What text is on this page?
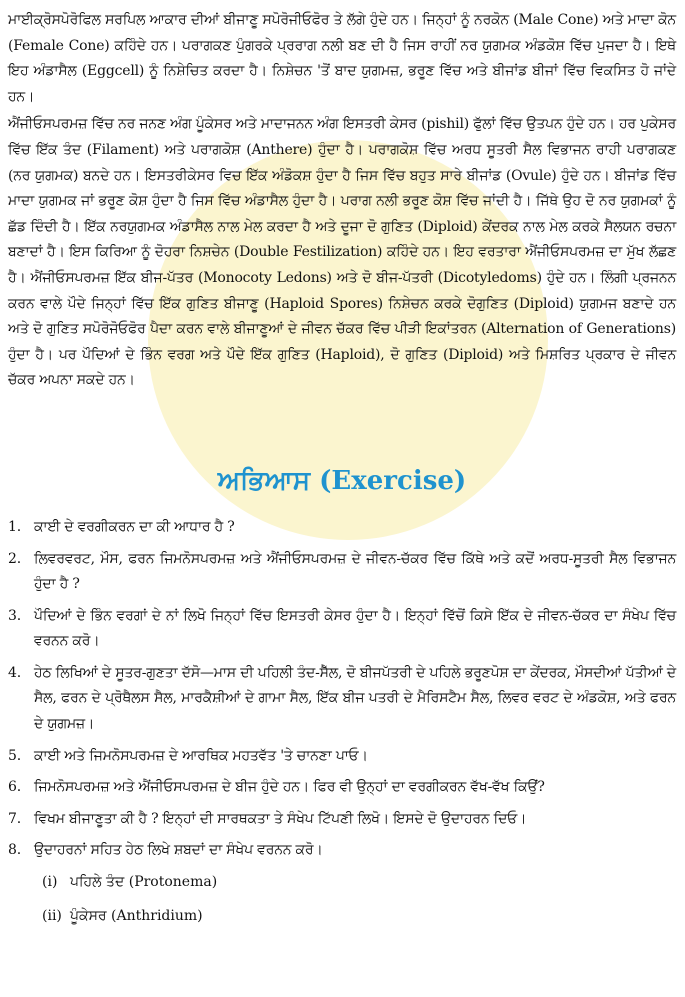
ਮਾਈਕ੍ਰੋਸਪੋਰੋਫਿਲ ਸਰਪਿਲ ਆਕਾਰ ਦੀਆਂ ਬੀਜਾਣੂ ਸਪੋਰੋਜੀਓਫੋਰ ਤੇ ਲੱਗੇ ਹੁੰਦੇ ਹਨ। ਜਿਨ੍ਹਾਂ ਨੂੰ ਨਰਕੋਨ (Male Cone) ਅਤੇ ਮਾਦਾ ਕੋਨ (Female Cone) ਕਹਿੰਦੇ ਹਨ। ਪਰਾਗਕਣ ਪੁੰਗਰਕੇ ਪ੍ਰਰਾਗ ਨਲੀ ਬਣ ਦੀ ਹੈ ਜਿਸ ਰਾਹੀਂ ਨਰ ਯੁਗਮਕ ਅੰਡਕੋਸ਼ ਵਿੱਚ ਪੁਜਦਾ ਹੈ। ਇਥੇ ਇਹ ਅੰਡਾਸੈਲ (Eggcell) ਨੂੰ ਨਿਸ਼ੇਚਿਤ ਕਰਦਾ ਹੈ। ਨਿਸ਼ੇਚਨ 'ਤੋਂ ਬਾਦ ਯੁਗਮਜ਼, ਭਰੂਣ ਵਿੱਚ ਅਤੇ ਬੀਜਾਂਡ ਬੀਜਾਂ ਵਿੱਚ ਵਿਕਸਿਤ ਹੋ ਜਾਂਦੇ ਹਨ।

ਐਂਜੀਓਸਪਰਮਜ਼ ਵਿੱਚ ਨਰ ਜਨਣ ਅੰਗ ਪੂੰਕੇਸਰ ਅਤੇ ਮਾਦਾਜਨਨ ਅੰਗ ਇਸਤਰੀ ਕੇਸਰ (pishil) ਫੁੱਲਾਂ ਵਿੱਚ ਉਤਪਨ ਹੁੰਦੇ ਹਨ। ਹਰ ਪੁਕੇਸਰ ਵਿੱਚ ਇੱਕ ਤੰਦ (Filament) ਅਤੇ ਪਰਾਗਕੋਸ਼ (Anthere) ਹੁੰਦਾ ਹੈ। ਪਰਾਗਕੋਸ਼ ਵਿੱਚ ਅਰਧ ਸੂਤਰੀ ਸੈਲ ਵਿਭਾਜਨ ਰਾਹੀ ਪਰਾਗਕਣ (ਨਰ ਯੁਗਮਕ) ਬਨਦੇ ਹਨ। ਇਸਤਰੀਕੇਸਰ ਵਿਚ ਇੱਕ ਅੰਡੋਕਸ਼ ਹੁੰਦਾ ਹੈ ਜਿਸ ਵਿੱਚ ਬਹੁਤ ਸਾਰੇ ਬੀਜਾਂਡ (Ovule) ਹੁੰਦੇ ਹਨ। ਬੀਜਾਂਡ ਵਿੱਚ ਮਾਦਾ ਯੁਗਮਕ ਜਾਂ ਭਰੂਣ ਕੋਸ਼ ਹੁੰਦਾ ਹੈ ਜਿਸ ਵਿੱਚ ਅੰਡਾਸੈਲ ਹੁੰਦਾ ਹੈ। ਪਰਾਗ ਨਲੀ ਭਰੂਣ ਕੋਸ਼ ਵਿੱਚ ਜਾਂਦੀ ਹੈ। ਜਿੱਥੇ ਉਹ ਦੋ ਨਰ ਯੁਗਮਕਾਂ ਨੂੰ ਛੱਡ ਦਿੰਦੀ ਹੈ। ਇੱਕ ਨਰਯੁਗਮਕ ਅੰਡਾਸੈਲ ਨਾਲ ਮੇਲ ਕਰਦਾ ਹੈ ਅਤੇ ਦੂਜਾ ਦੋ ਗੁਣਿਤ (Diploid) ਕੇਂਦਰਕ ਨਾਲ ਮੇਲ ਕਰਕੇ ਸੈਲਯਨ ਰਚਨਾ ਬਣਾਦਾਂ ਹੈ। ਇਸ ਕਿਰਿਆ ਨੂੰ ਦੋਹਰਾ ਨਿਸ਼ਚੇਨ (Double Festilization) ਕਹਿੰਦੇ ਹਨ। ਇਹ ਵਰਤਾਰਾ ਐਂਜੀਓਸਪਰਮਜ਼ ਦਾ ਮੁੱਖ ਲੱਛਣ ਹੈ। ਐਂਜੀਓਸਪਰਮਜ਼ ਇੱਕ ਬੀਜ-ਪੱਤਰ (Monocoty Ledons) ਅਤੇ ਦੋ ਬੀਜ-ਪੱਤਰੀ (Dicotyledoms) ਹੁੰਦੇ ਹਨ। ਲਿੰਗੀ ਪ੍ਰਜਨਨ ਕਰਨ ਵਾਲੇ ਪੌਦੇ ਜਿਨ੍ਹਾਂ ਵਿੱਚ ਇੱਕ ਗੁਣਿਤ ਬੀਜਾਣੂ (Haploid Spores) ਨਿਸ਼ੇਚਨ ਕਰਕੇ ਦੋਗੁਣਿਤ (Diploid) ਯੁਗਮਜ ਬਣਾਦੇ ਹਨ ਅਤੇ ਦੋ ਗੁਣਿਤ ਸਪੋਰੋਜੋਓਫੋਰ ਪੈਦਾ ਕਰਨ ਵਾਲੇ ਬੀਜਾਣੂਆਂ ਦੇ ਜੀਵਨ ਚੱਕਰ ਵਿੱਚ ਪੀੜੀ ਇਕਾਂਤਰਨ (Alternation of Generations) ਹੁੰਦਾ ਹੈ। ਪਰ ਪੌਦਿਆਂ ਦੇ ਭਿੰਨ ਵਰਗ ਅਤੇ ਪੌਦੇ ਇੱਕ ਗੁਣਿਤ (Haploid), ਦੋ ਗੁਣਿਤ (Diploid) ਅਤੇ ਮਿਸ਼ਰਿਤ ਪ੍ਰਕਾਰ ਦੇ ਜੀਵਨ ਚੱਕਰ ਅਪਨਾ ਸਕਦੇ ਹਨ।

ਅਭਿਆਸ (Exercise)
1. ਕਾਈ ਦੇ ਵਰਗੀਕਰਨ ਦਾ ਕੀ ਆਧਾਰ ਹੈ ?
2. ਲਿਵਰਵਰਟ, ਮੌਸ, ਫਰਨ ਜਿਮਨੋਸਪਰਮਜ਼ ਅਤੇ ਐਂਜੀਓਸਪਰਮਜ਼ ਦੇ ਜੀਵਨ-ਚੱਕਰ ਵਿੱਚ ਕਿੱਥੇ ਅਤੇ ਕਦੋਂ ਅਰਧ-ਸੂਤਰੀ ਸੈਲ ਵਿਭਾਜਨ ਹੁੰਦਾ ਹੈ ?
3. ਪੌਦਿਆਂ ਦੇ ਭਿੰਨ ਵਰਗਾਂ ਦੇ ਨਾਂ ਲਿਖੋ ਜਿਨ੍ਹਾਂ ਵਿੱਚ ਇਸਤਰੀ ਕੇਸਰ ਹੁੰਦਾ ਹੈ। ਇਨ੍ਹਾਂ ਵਿੱਚੋਂ ਕਿਸੇ ਇੱਕ ਦੇ ਜੀਵਨ-ਚੱਕਰ ਦਾ ਸੰਖੇਪ ਵਿੱਚ ਵਰਨਨ ਕਰੋ।
4. ਹੇਠ ਲਿਖਿਆਂ ਦੇ ਸੂਤਰ-ਗੁਣਤਾ ਦੱਸੋ—ਮਾਸ ਦੀ ਪਹਿਲੀ ਤੰਦ-ਸੈੱਲ, ਦੋ ਬੀਜਪੱਤਰੀ ਦੇ ਪਹਿਲੇ ਭਰੂਣਪੋਸ਼ ਦਾ ਕੇਂਦਰਕ, ਮੌਸਦੀਆਂ ਪੱਤੀਆਂ ਦੇ ਸੈਲ, ਫਰਨ ਦੇ ਪ੍ਰੋਥੈਲਸ ਸੈਲ, ਮਾਰਕੈਸ਼ੀਆਂ ਦੇ ਗਾਮਾ ਸੈਲ, ਇੱਕ ਬੀਜ ਪਤਰੀ ਦੇ ਮੈਰਿਸਟੈਮ ਸੈਲ, ਲਿਵਰ ਵਰਟ ਦੇ ਅੰਡਕੋਸ਼, ਅਤੇ ਫਰਨ ਦੇ ਯੁਗਮਜ਼।
5. ਕਾਈ ਅਤੇ ਜਿਮਨੋਸਪਰਮਜ਼ ਦੇ ਆਰਥਿਕ ਮਹਤਵੱਤ 'ਤੇ ਚਾਨਣਾ ਪਾਓ।
6. ਜਿਮਨੋਸਪਰਮਜ਼ ਅਤੇ ਐਂਜੀਓਸਪਰਮਜ਼ ਦੇ ਬੀਜ ਹੁੰਦੇ ਹਨ। ਫਿਰ ਵੀ ਉਨ੍ਹਾਂ ਦਾ ਵਰਗੀਕਰਨ ਵੱਖ-ਵੱਖ ਕਿਉਂ?
7. ਵਿਖਮ ਬੀਜਾਣੂਤਾ ਕੀ ਹੈ ? ਇਨ੍ਹਾਂ ਦੀ ਸਾਰਥਕਤਾ ਤੇ ਸੰਖੇਪ ਟਿੱਪਣੀ ਲਿਖੋ। ਇਸਦੇ ਦੋ ਉਦਾਹਰਨ ਦਿਓ।
8. ਉਦਾਹਰਨਾਂ ਸਹਿਤ ਹੇਠ ਲਿਖੇ ਸ਼ਬਦਾਂ ਦਾ ਸੰਖੇਪ ਵਰਨਨ ਕਰੋ।
(i) ਪਹਿਲੇ ਤੰਦ (Protonema)
(ii) ਪੂੰਕੇਸਰ (Anthridium)
